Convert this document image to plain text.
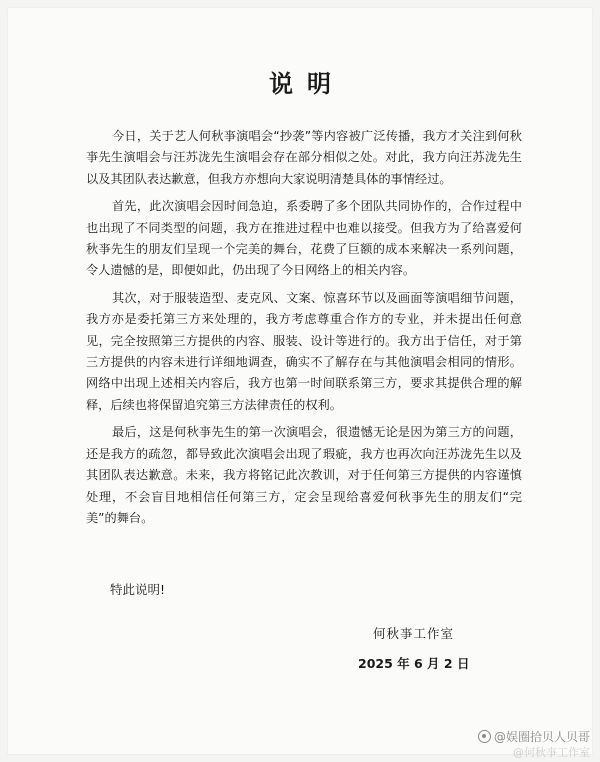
说明

今日，关于艺人何秋亊演唱会“抄袭”等内容被广泛传播，我方才关注到何秋亊先生演唱会与汪苏泷先生演唱会存在部分相似之处。对此，我方向汪苏泷先生以及其团队表达歉意，但我方亦想向大家说明清楚具体的事情经过。

首先，此次演唱会因时间急迫，系委聘了多个团队共同协作的，合作过程中也出现了不同类型的问题，我方在推进过程中也难以接受。但我方为了给喜爱何秋亊先生的朋友们呈现一个完美的舞台，花费了巨额的成本来解决一系列问题，令人遗憾的是，即便如此，仍出现了今日网络上的相关内容。

其次，对于服装造型、麦克风、文案、惊喜环节以及画面等演唱细节问题，我方亦是委托第三方来处理的，我方考虑尊重合作方的专业，并未提出任何意见，完全按照第三方提供的内容、服装、设计等进行的。我方出于信任，对于第三方提供的内容未进行详细地调查，确实不了解存在与其他演唱会相同的情形。网络中出现上述相关内容后，我方也第一时间联系第三方，要求其提供合理的解释，后续也将保留追究第三方法律责任的权利。

最后，这是何秋亊先生的第一次演唱会，很遗憾无论是因为第三方的问题，还是我方的疏忽，都导致此次演唱会出现了瑕疵，我方也再次向汪苏泷先生以及其团队表达歉意。未来，我方将铭记此次教训，对于任何第三方提供的内容谨慎处理，不会盲目地相信任何第三方，定会呈现给喜爱何秋亊先生的朋友们“完美”的舞台。

特此说明!
何秋亊工作室
2025 年 6 月 2 日
@娱圈拾贝人贝哥
@何秋亊工作室
